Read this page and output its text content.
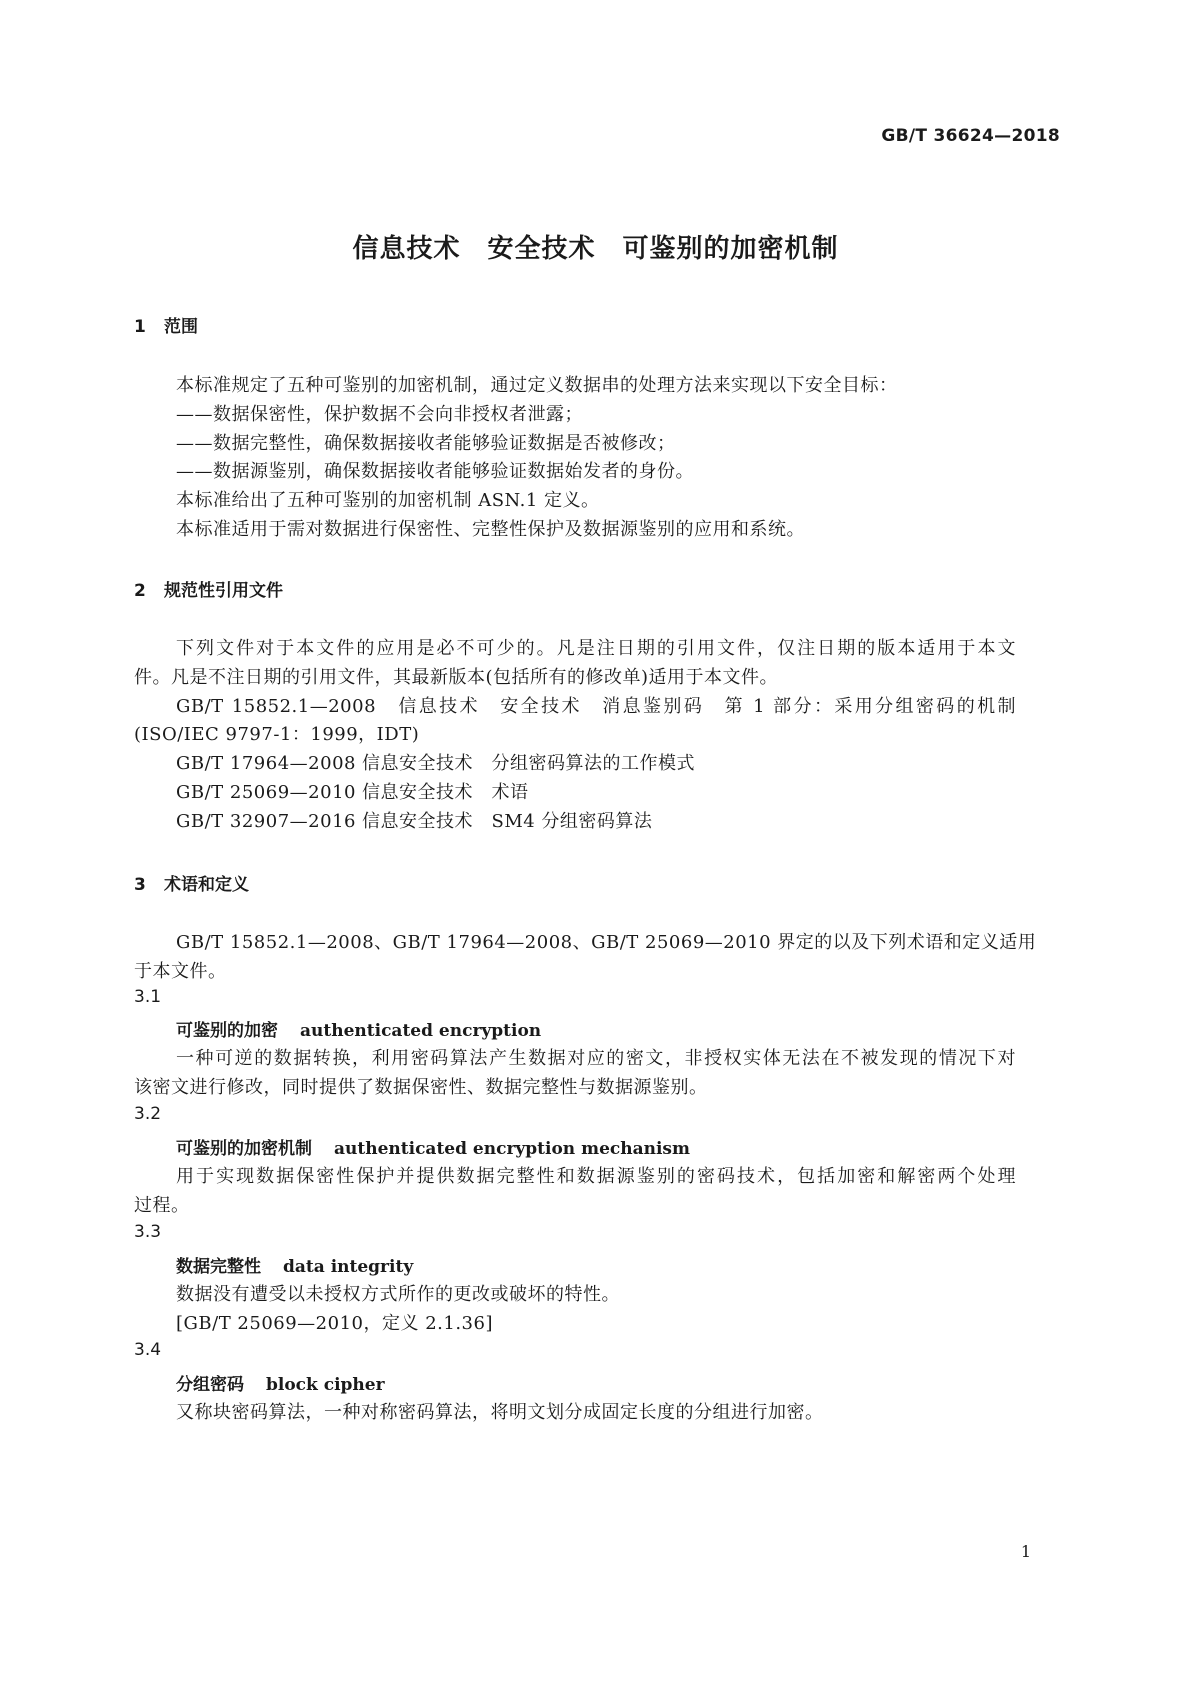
GB/T 36624—2018
信息技术　安全技术　可鉴别的加密机制
1 范围
本标准规定了五种可鉴别的加密机制，通过定义数据串的处理方法来实现以下安全目标：
——数据保密性，保护数据不会向非授权者泄露；
——数据完整性，确保数据接收者能够验证数据是否被修改；
——数据源鉴别，确保数据接收者能够验证数据始发者的身份。
本标准给出了五种可鉴别的加密机制 ASN.1 定义。
本标准适用于需对数据进行保密性、完整性保护及数据源鉴别的应用和系统。
2 规范性引用文件
下列文件对于本文件的应用是必不可少的。凡是注日期的引用文件，仅注日期的版本适用于本文
件。凡是不注日期的引用文件，其最新版本(包括所有的修改单)适用于本文件。
GB/T 15852.1—2008　信息技术　安全技术　消息鉴别码　第 1 部分：采用分组密码的机制
(ISO/IEC 9797-1：1999，IDT)
GB/T 17964—2008 信息安全技术　分组密码算法的工作模式
GB/T 25069—2010 信息安全技术　术语
GB/T 32907—2016 信息安全技术　SM4 分组密码算法
3 术语和定义
GB/T 15852.1—2008、GB/T 17964—2008、GB/T 25069—2010 界定的以及下列术语和定义适用
于本文件。
3.1
可鉴别的加密 authenticated encryption
一种可逆的数据转换，利用密码算法产生数据对应的密文，非授权实体无法在不被发现的情况下对
该密文进行修改，同时提供了数据保密性、数据完整性与数据源鉴别。
3.2
可鉴别的加密机制 authenticated encryption mechanism
用于实现数据保密性保护并提供数据完整性和数据源鉴别的密码技术，包括加密和解密两个处理
过程。
3.3
数据完整性 data integrity
数据没有遭受以未授权方式所作的更改或破坏的特性。
[GB/T 25069—2010，定义 2.1.36]
3.4
分组密码 block cipher
又称块密码算法，一种对称密码算法，将明文划分成固定长度的分组进行加密。
1
